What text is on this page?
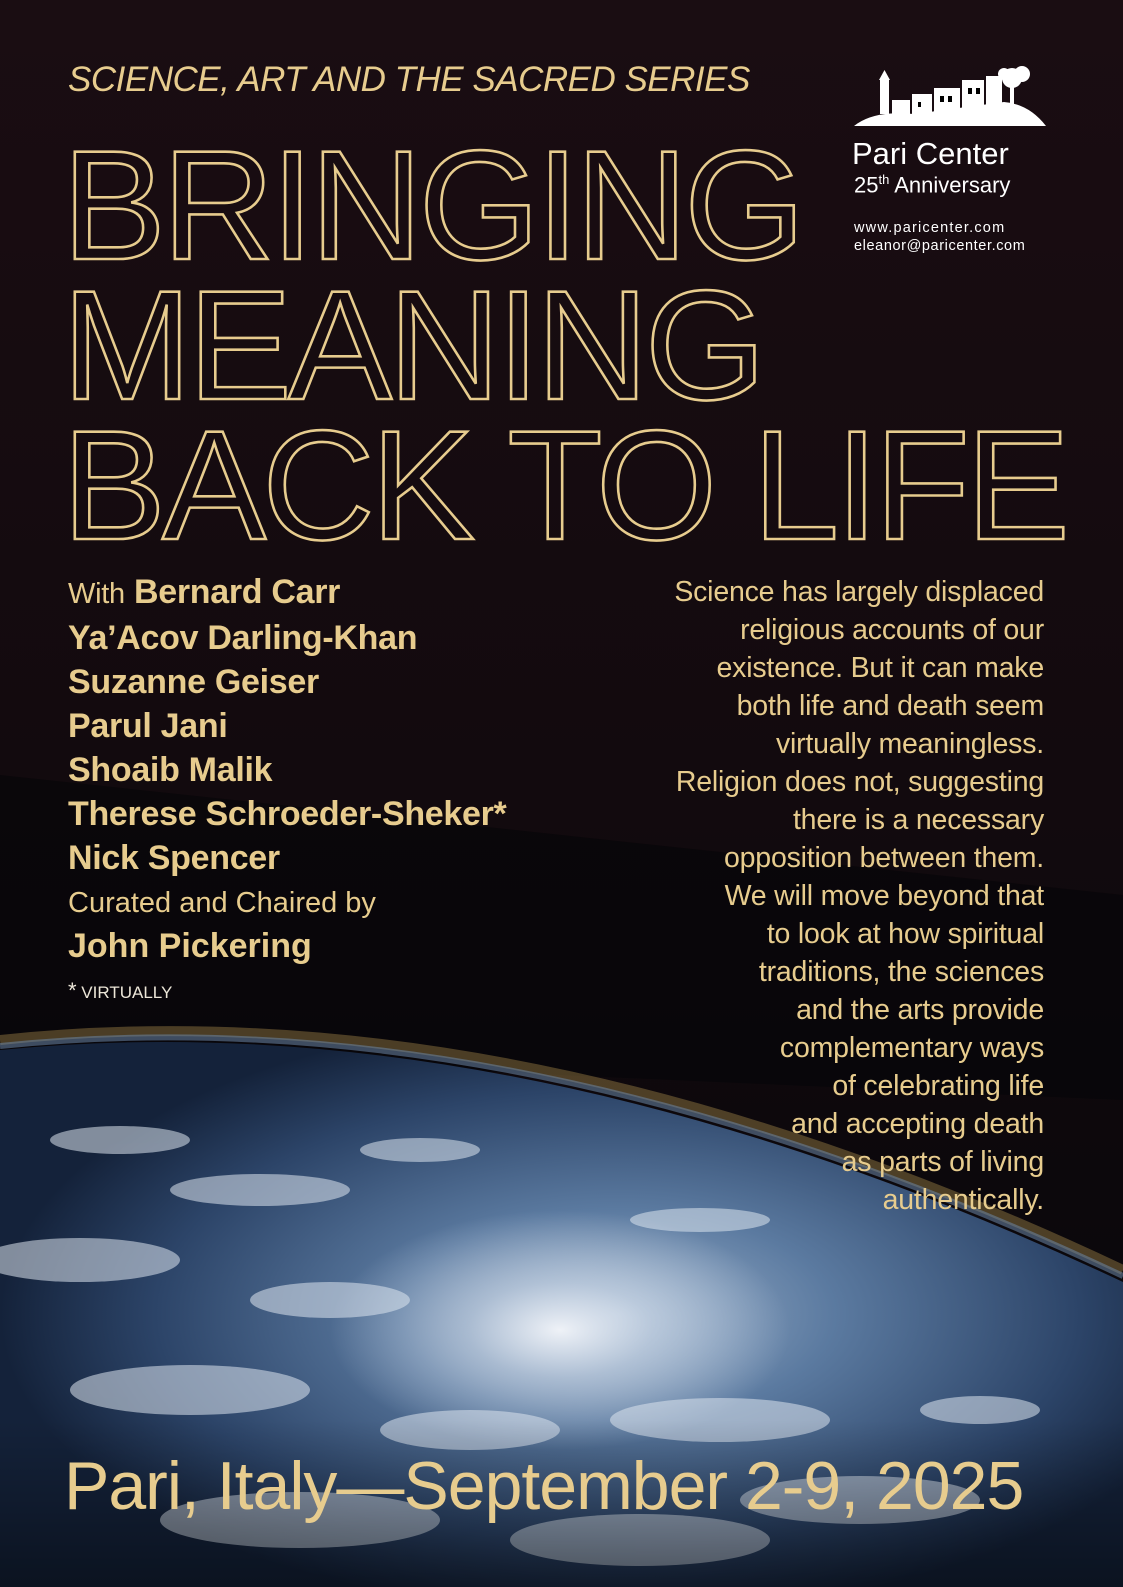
SCIENCE, ART AND THE SACRED SERIES
BRINGING
MEANING
BACK TO LIFE
Pari Center
25th Anniversary
www.paricenter.com
eleanor@paricenter.com
With Bernard Carr
Ya’Acov Darling-Khan
Suzanne Geiser
Parul Jani
Shoaib Malik
Therese Schroeder-Sheker*
Nick Spencer
Curated and Chaired by
John Pickering
* VIRTUALLY
Science has largely displaced
religious accounts of our
existence. But it can make
both life and death seem
virtually meaningless.
Religion does not, suggesting
there is a necessary
opposition between them.
We will move beyond that
to look at how spiritual
traditions, the sciences
and the arts provide
complementary ways
of celebrating life
and accepting death
as parts of living
authentically.
Pari, Italy—September 2-9, 2025
